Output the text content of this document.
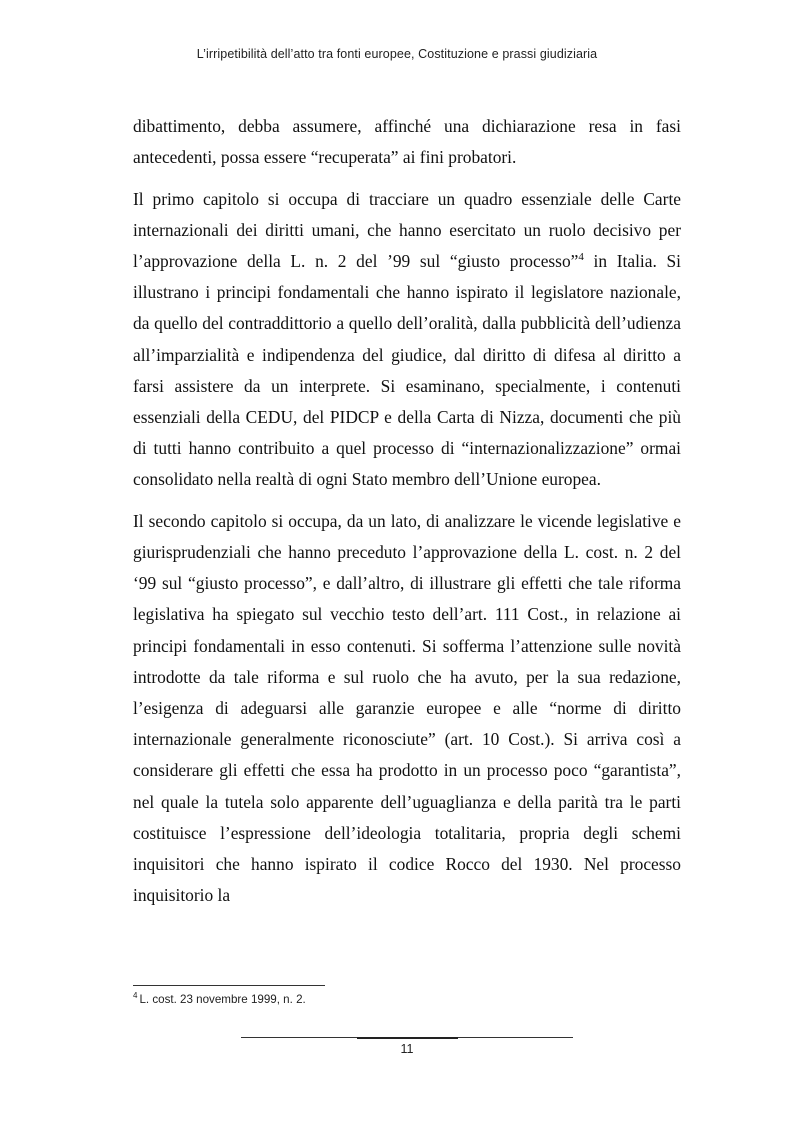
L’irripetibilità dell’atto tra fonti europee, Costituzione e prassi giudiziaria

dibattimento, debba assumere, affinché una dichiarazione resa in fasi antecedenti, possa essere “recuperata” ai fini probatori.

Il primo capitolo si occupa di tracciare un quadro essenziale delle Carte internazionali dei diritti umani, che hanno esercitato un ruolo decisivo per l’approvazione della L. n. 2 del ’99 sul “giusto processo”$^4$ in Italia. Si illustrano i principi fondamentali che hanno ispirato il legislatore nazionale, da quello del contraddittorio a quello dell’oralità, dalla pubblicità dell’udienza all’imparzialità e indipendenza del giudice, dal diritto di difesa al diritto a farsi assistere da un interprete. Si esaminano, specialmente, i contenuti essenziali della CEDU, del PIDCP e della Carta di Nizza, documenti che più di tutti hanno contribuito a quel processo di “internazionalizzazione” ormai consolidato nella realtà di ogni Stato membro dell’Unione europea.

Il secondo capitolo si occupa, da un lato, di analizzare le vicende legislative e giurisprudenziali che hanno preceduto l’approvazione della L. cost. n. 2 del ‘99 sul “giusto processo”, e dall’altro, di illustrare gli effetti che tale riforma legislativa ha spiegato sul vecchio testo dell’art. 111 Cost., in relazione ai principi fondamentali in esso contenuti. Si sofferma l’attenzione sulle novità introdotte da tale riforma e sul ruolo che ha avuto, per la sua redazione, l’esigenza di adeguarsi alle garanzie europee e alle “norme di diritto internazionale generalmente riconosciute” (art. 10 Cost.). Si arriva così a considerare gli effetti che essa ha prodotto in un processo poco “garantista”, nel quale la tutela solo apparente dell’uguaglianza e della parità tra le parti costituisce l’espressione dell’ideologia totalitaria, propria degli schemi inquisitori che hanno ispirato il codice Rocco del 1930. Nel processo inquisitorio la

$^4$ L. cost. 23 novembre 1999, n. 2.
11
